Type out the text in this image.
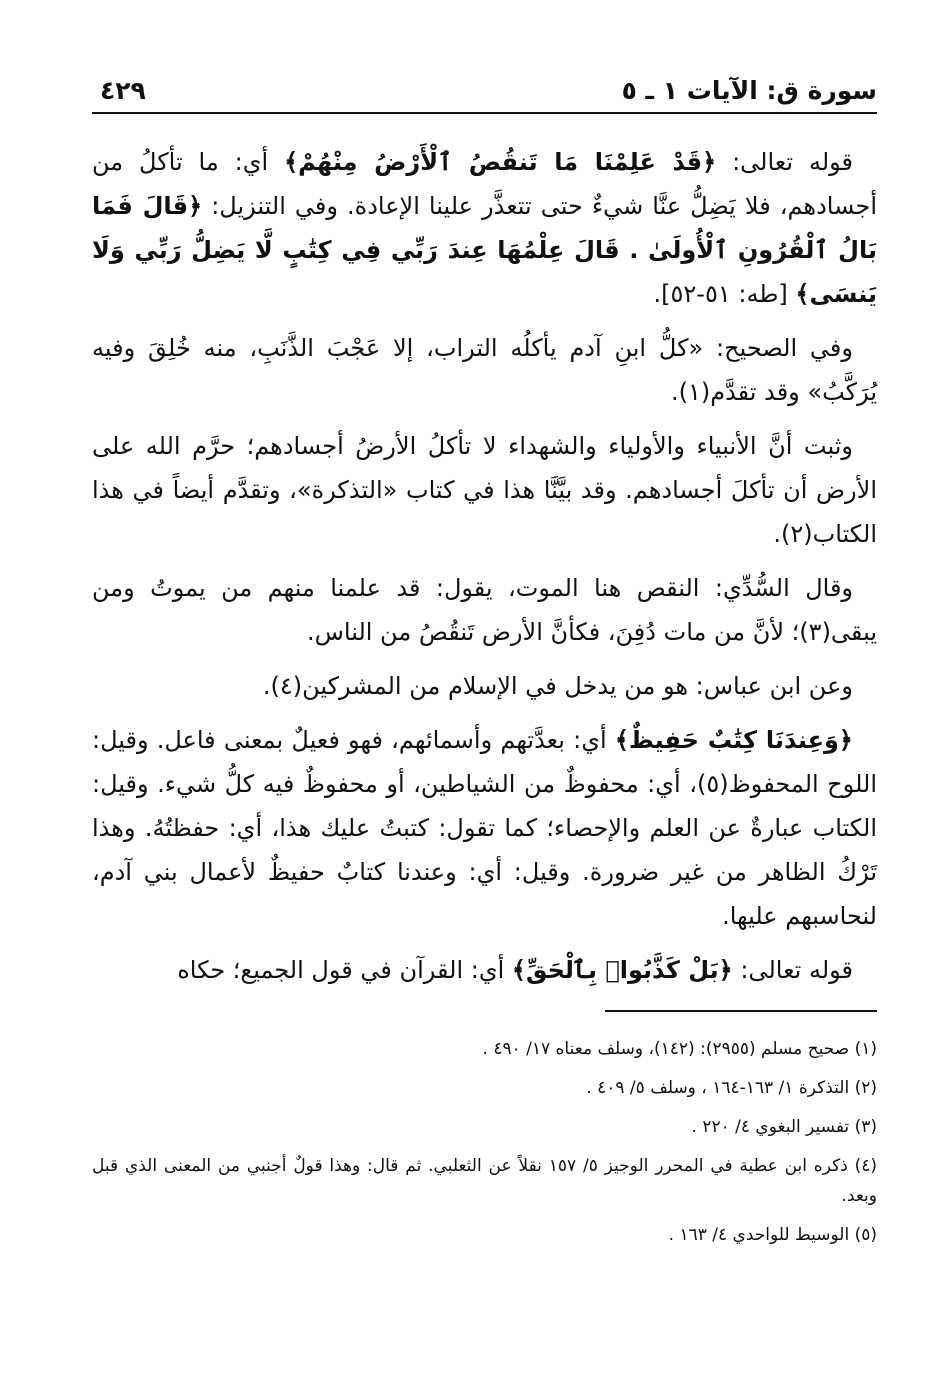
سورة ق: الآيات ١ ـ ٥
٤٢٩

قوله تعالى: ﴿قَدْ عَلِمْنَا مَا تَنقُصُ ٱلْأَرْضُ مِنْهُمْ﴾ أي: ما تأكلُ من أجسادهم، فلا يَضِلُّ عنَّا شيءٌ حتى تتعذَّر علينا الإعادة. وفي التنزيل: ﴿قَالَ فَمَا بَالُ ٱلْقُرُونِ ٱلْأُولَىٰ . قَالَ عِلْمُهَا عِندَ رَبِّي فِي كِتَٰبٍ لَّا يَضِلُّ رَبِّي وَلَا يَنسَى﴾ [طه: ٥١-٥٢].

وفي الصحيح: «كلُّ ابنِ آدم يأكلُه التراب، إلا عَجْبَ الذَّنَبِ، منه خُلِقَ وفيه يُرَكَّبُ» وقد تقدَّم(١).

وثبت أنَّ الأنبياء والأولياء والشهداء لا تأكلُ الأرضُ أجسادهم؛ حرَّم الله على الأرض أن تأكلَ أجسادهم. وقد بيَّنَّا هذا في كتاب «التذكرة»، وتقدَّم أيضاً في هذا الكتاب(٢).

وقال السُّدِّي: النقص هنا الموت، يقول: قد علمنا منهم من يموتُ ومن يبقى(٣)؛ لأنَّ من مات دُفِنَ، فكأنَّ الأرض تَنقُصُ من الناس.

وعن ابن عباس: هو من يدخل في الإسلام من المشركين(٤).

﴿وَعِندَنَا كِتَٰبٌ حَفِيظٌ﴾ أي: بعدَّتهم وأسمائهم، فهو فعيلٌ بمعنى فاعل. وقيل: اللوح المحفوظ(٥)، أي: محفوظٌ من الشياطين، أو محفوظٌ فيه كلُّ شيء. وقيل: الكتاب عبارةٌ عن العلم والإحصاء؛ كما تقول: كتبتُ عليك هذا، أي: حفظتُهُ. وهذا تَرْكُ الظاهر من غير ضرورة. وقيل: أي: وعندنا كتابٌ حفيظٌ لأعمال بني آدم، لنحاسبهم عليها.

قوله تعالى: ﴿بَلْ كَذَّبُوا۟ بِٱلْحَقِّ﴾ أي: القرآن في قول الجميع؛ حكاه

(١) صحيح مسلم (٢٩٥٥): (١٤٢)، وسلف معناه ١٧/ ٤٩٠ .

(٢) التذكرة ١/ ١٦٣-١٦٤ ، وسلف ٥/ ٤٠٩ .

(٣) تفسير البغوي ٤/ ٢٢٠ .

(٤) ذكره ابن عطية في المحرر الوجيز ٥/ ١٥٧ نقلاً عن الثعلبي. ثم قال: وهذا قولٌ أجنبي من المعنى الذي قبل وبعد.

(٥) الوسيط للواحدي ٤/ ١٦٣ .
